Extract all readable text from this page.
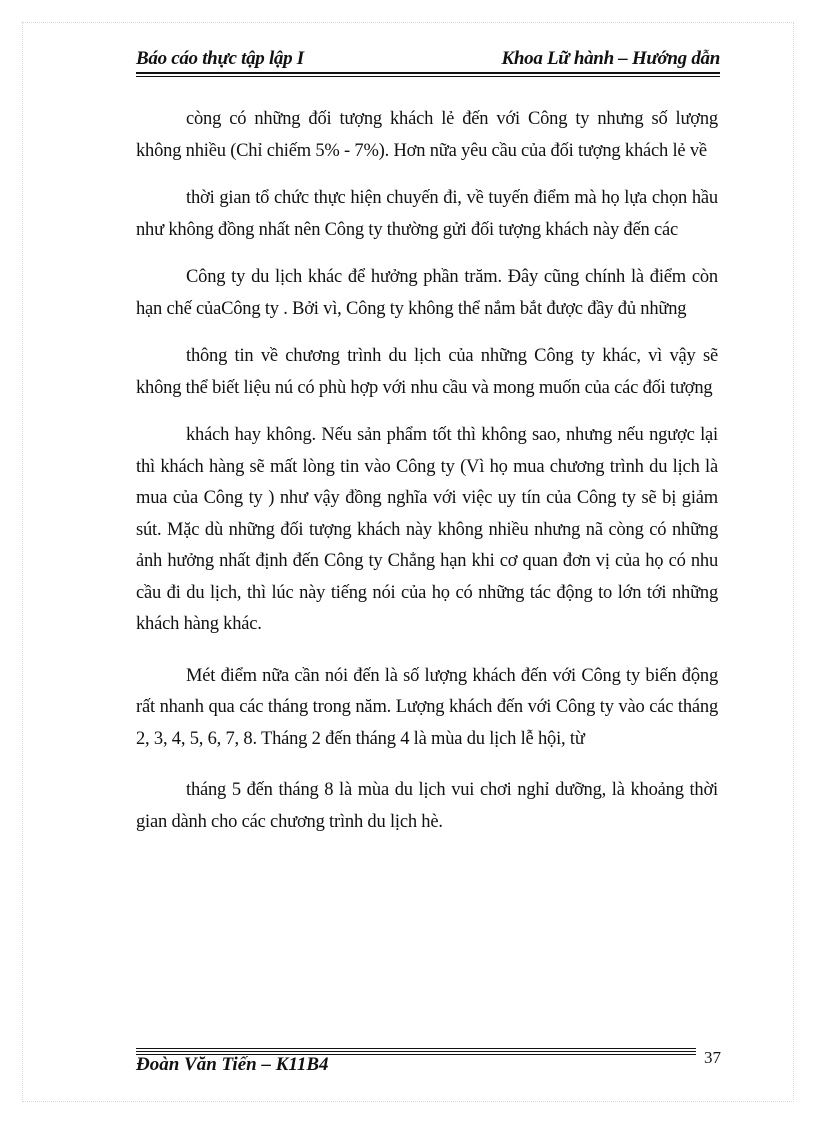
Báo cáo thực tập lập I	Khoa Lữ hành – Hướng dẫn

còng có những đối tượng khách lẻ đến với Công ty nhưng số lượng không nhiều (Chỉ chiếm 5% - 7%). Hơn nữa yêu cầu của đối tượng khách lẻ về

thời gian tổ chức thực hiện chuyến đi, về tuyến điểm mà họ lựa chọn hầu như không đồng nhất nên Công ty thường gửi đối tượng khách này đến các

Công ty du lịch khác để hưởng phần trăm. Đây cũng chính là điểm còn hạn chế củaCông ty . Bởi vì, Công ty không thể nắm bắt được đầy đủ những

thông tin về chương trình du lịch của những Công ty khác, vì vậy sẽ không thể biết liệu nú có phù hợp với nhu cầu và mong muốn của các đối tượng

khách hay không. Nếu sản phẩm tốt thì không sao, nhưng nếu ngược lại thì khách hàng sẽ mất lòng tin vào Công ty (Vì họ mua chương trình du lịch là mua của Công ty ) như vậy đồng nghĩa với việc uy tín của Công ty sẽ bị giảm sút. Mặc dù những đối tượng khách này không nhiều nhưng nã còng có những ảnh hưởng nhất định đến Công ty Chẳng hạn khi cơ quan đơn vị của họ có nhu cầu đi du lịch, thì lúc này tiếng nói của họ có những tác động to lớn tới những khách hàng khác.

Mét điểm nữa cần nói đến là số lượng khách đến với Công ty biến động rất nhanh qua các tháng trong năm. Lượng khách đến với Công ty vào các tháng 2, 3, 4, 5, 6, 7, 8. Tháng 2 đến tháng 4 là mùa du lịch lễ hội, từ

tháng 5 đến tháng 8 là mùa du lịch vui chơi nghỉ dưỡng, là khoảng thời gian dành cho các chương trình du lịch hè.

Đoàn Văn Tiến – K11B4	37
